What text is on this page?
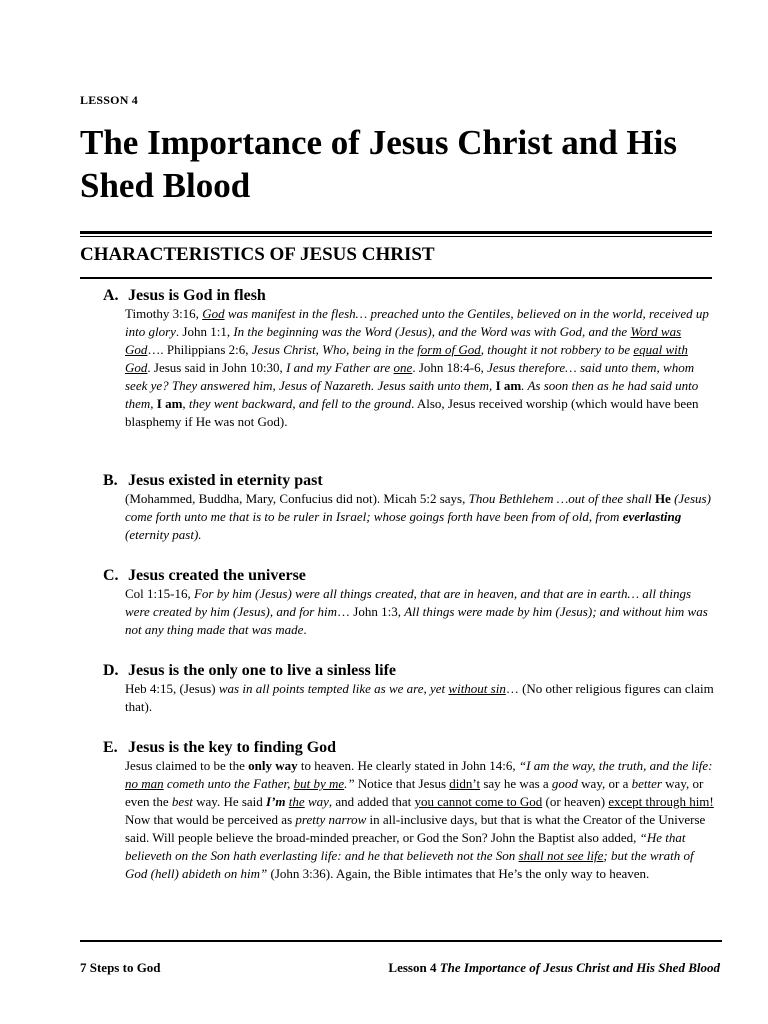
LESSON 4
The Importance of Jesus Christ and His Shed Blood
CHARACTERISTICS OF JESUS CHRIST
A. Jesus is God in flesh
Timothy 3:16, God was manifest in the flesh… preached unto the Gentiles, believed on in the world, received up into glory. John 1:1, In the beginning was the Word (Jesus), and the Word was with God, and the Word was God…. Philippians 2:6, Jesus Christ, Who, being in the form of God, thought it not robbery to be equal with God. Jesus said in John 10:30, I and my Father are one. John 18:4-6, Jesus therefore… said unto them, whom seek ye? They answered him, Jesus of Nazareth. Jesus saith unto them, I am. As soon then as he had said unto them, I am, they went backward, and fell to the ground. Also, Jesus received worship (which would have been blasphemy if He was not God).
B. Jesus existed in eternity past
(Mohammed, Buddha, Mary, Confucius did not). Micah 5:2 says, Thou Bethlehem …out of thee shall He (Jesus) come forth unto me that is to be ruler in Israel; whose goings forth have been from of old, from everlasting (eternity past).
C. Jesus created the universe
Col 1:15-16, For by him (Jesus) were all things created, that are in heaven, and that are in earth… all things were created by him (Jesus), and for him… John 1:3, All things were made by him (Jesus); and without him was not any thing made that was made.
D. Jesus is the only one to live a sinless life
Heb 4:15, (Jesus) was in all points tempted like as we are, yet without sin… (No other religious figures can claim that).
E. Jesus is the key to finding God
Jesus claimed to be the only way to heaven. He clearly stated in John 14:6, “I am the way, the truth, and the life: no man cometh unto the Father, but by me.” Notice that Jesus didn’t say he was a good way, or a better way, or even the best way. He said I’m the way, and added that you cannot come to God (or heaven) except through him! Now that would be perceived as pretty narrow in all-inclusive days, but that is what the Creator of the Universe said. Will people believe the broad-minded preacher, or God the Son? John the Baptist also added, “He that believeth on the Son hath everlasting life: and he that believeth not the Son shall not see life; but the wrath of God (hell) abideth on him” (John 3:36). Again, the Bible intimates that He’s the only way to heaven.
7 Steps to God	Lesson 4 The Importance of Jesus Christ and His Shed Blood
